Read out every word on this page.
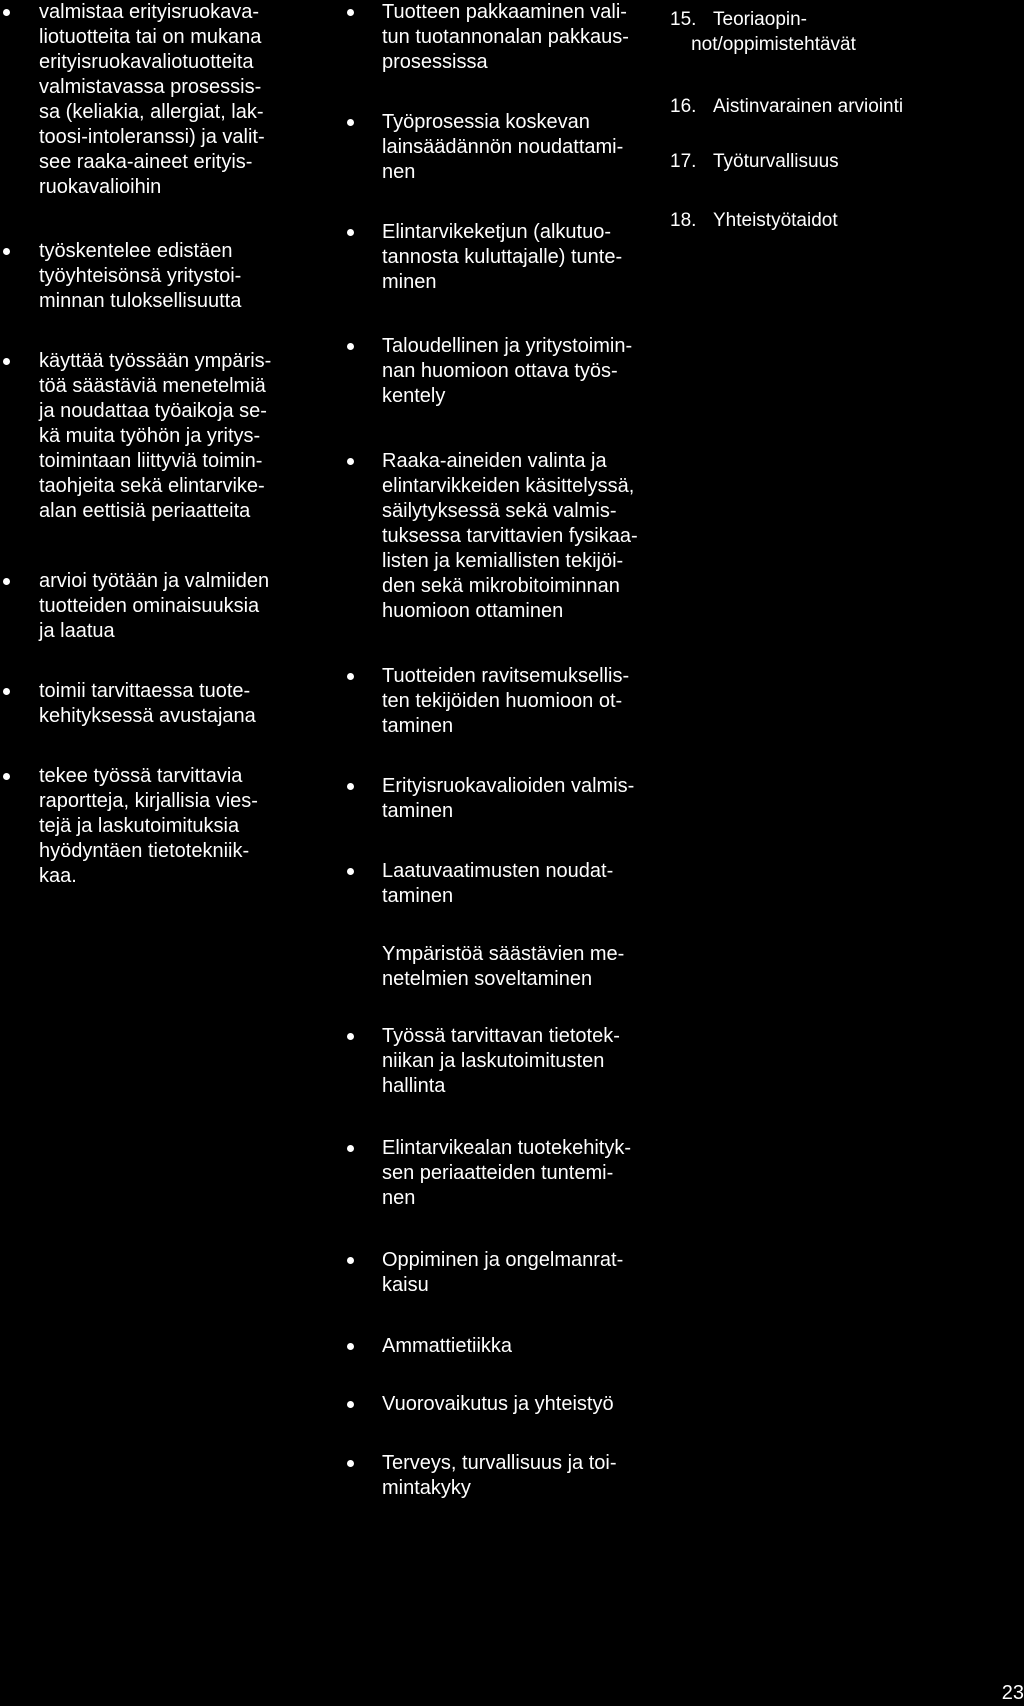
valmistaa erityisruokava-
liotuotteita tai on mukana
erityisruokavaliotuotteita
valmistavassa prosessis-
sa (keliakia, allergiat, lak-
toosi-intoleranssi) ja valit-
see raaka-aineet erityis-
ruokavalioihin
työskentelee edistäen
työyhteisönsä yritystoi-
minnan tuloksellisuutta
käyttää työssään ympäris-
töä säästäviä menetelmiä
ja noudattaa työaikoja se-
kä muita työhön ja yritys-
toimintaan liittyviä toimin-
taohjeita sekä elintarvike-
alan eettisiä periaatteita
arvioi työtään ja valmiiden
tuotteiden ominaisuuksia
ja laatua
toimii tarvittaessa tuote-
kehityksessä avustajana
tekee työssä tarvittavia
raportteja, kirjallisia vies-
tejä ja laskutoimituksia
hyödyntäen tietotekniik-
kaa.
Tuotteen pakkaaminen vali-
tun tuotannonalan pakkaus-
prosessissa
Työprosessia koskevan
lainsäädännön noudattami-
nen
Elintarvikeketjun (alkutuo-
tannosta kuluttajalle) tunte-
minen
Taloudellinen ja yritystoimin-
nan huomioon ottava työs-
kentely
Raaka-aineiden valinta ja
elintarvikkeiden käsittelyssä,
säilytyksessä sekä valmis-
tuksessa tarvittavien fysikaa-
listen ja kemiallisten tekijöi-
den sekä mikrobitoiminnan
huomioon ottaminen
Tuotteiden ravitsemuksellis-
ten tekijöiden huomioon ot-
taminen
Erityisruokavalioiden valmis-
taminen
Laatuvaatimusten noudat-
taminen
Ympäristöä säästävien me-
netelmien soveltaminen
Työssä tarvittavan tietotek-
niikan ja laskutoimitusten
hallinta
Elintarvikealan tuotekehityk-
sen periaatteiden tuntemi-
nen
Oppiminen ja ongelmanrat-
kaisu
Ammattietiikka
Vuorovaikutus ja yhteistyö
Terveys, turvallisuus ja toi-
mintakyky
15. Teoriaopin-
not/oppimistehtävät
16. Aistinvarainen arviointi
17. Työturvallisuus
18. Yhteistyötaidot
23
